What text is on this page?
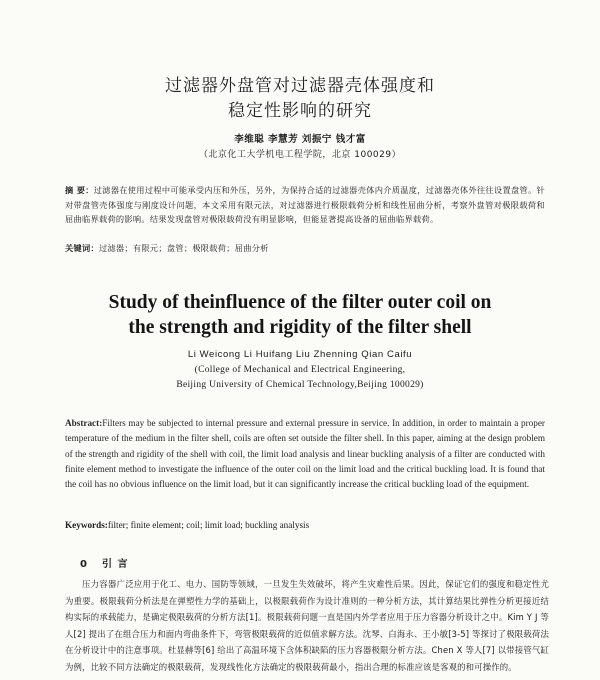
过滤器外盘管对过滤器壳体强度和
稳定性影响的研究
李维聪 李慧芳 刘振宁 钱才富
（北京化工大学机电工程学院，北京 100029）
摘 要：过滤器在使用过程中可能承受内压和外压，另外，为保持合适的过滤器壳体内介质温度，过滤器壳体外往往设置盘管。针对带盘管壳体强度与刚度设计问题，本文采用有限元法，对过滤器进行极限载荷分析和线性屈曲分析，考察外盘管对极限载荷和屈曲临界载荷的影响。结果发现盘管对极限载荷没有明显影响，但能显著提高设备的屈曲临界载荷。
关键词：过滤器；有限元；盘管；极限载荷；屈曲分析
Study of theinfluence of the filter outer coil on
the strength and rigidity of the filter shell
Li Weicong Li Huifang Liu Zhenning Qian Caifu
(College of Mechanical and Electrical Engineering,
Beijing University of Chemical Technology,Beijing 100029)
Abstract:Filters may be subjected to internal pressure and external pressure in service. In addition, in order to maintain a proper temperature of the medium in the filter shell, coils are often set outside the filter shell. In this paper, aiming at the design problem of the strength and rigidity of the shell with coil, the limit load analysis and linear buckling analysis of a filter are conducted with finite element method to investigate the influence of the outer coil on the limit load and the critical buckling load. It is found that the coil has no obvious influence on the limit load, but it can significantly increase the critical buckling load of the equipment.
Keywords:filter; finite element; coil; limit load; buckling analysis
0 引 言
压力容器广泛应用于化工、电力、国防等领域，一旦发生失效破坏，将产生灾难性后果。因此，保证它们的强度和稳定性尤为重要。极限载荷分析法是在弹塑性力学的基础上，以极限载荷作为设计准则的一种分析方法，其计算结果比弹性分析更接近结构实际的承载能力，是确定极限载荷的分析方法[1]。极限载荷问题一直是国内外学者应用于压力容器分析设计之中。Kim Y J 等人[2] 提出了在组合压力和面内弯曲条件下，弯管极限载荷的近似值求解方法。沈琴、白海永、王小敏[3-5] 等探讨了极限载荷法在分析设计中的注意事项。杜显赫等[6] 给出了高温环境下含体积缺陷的压力容器极限分析方法。Chen X 等人[7] 以带接管气缸为例，比较不同方法确定的极限载荷，发现线性化方法确定的极限载荷最小，指出合理的标准应该是客观的和可操作的。
